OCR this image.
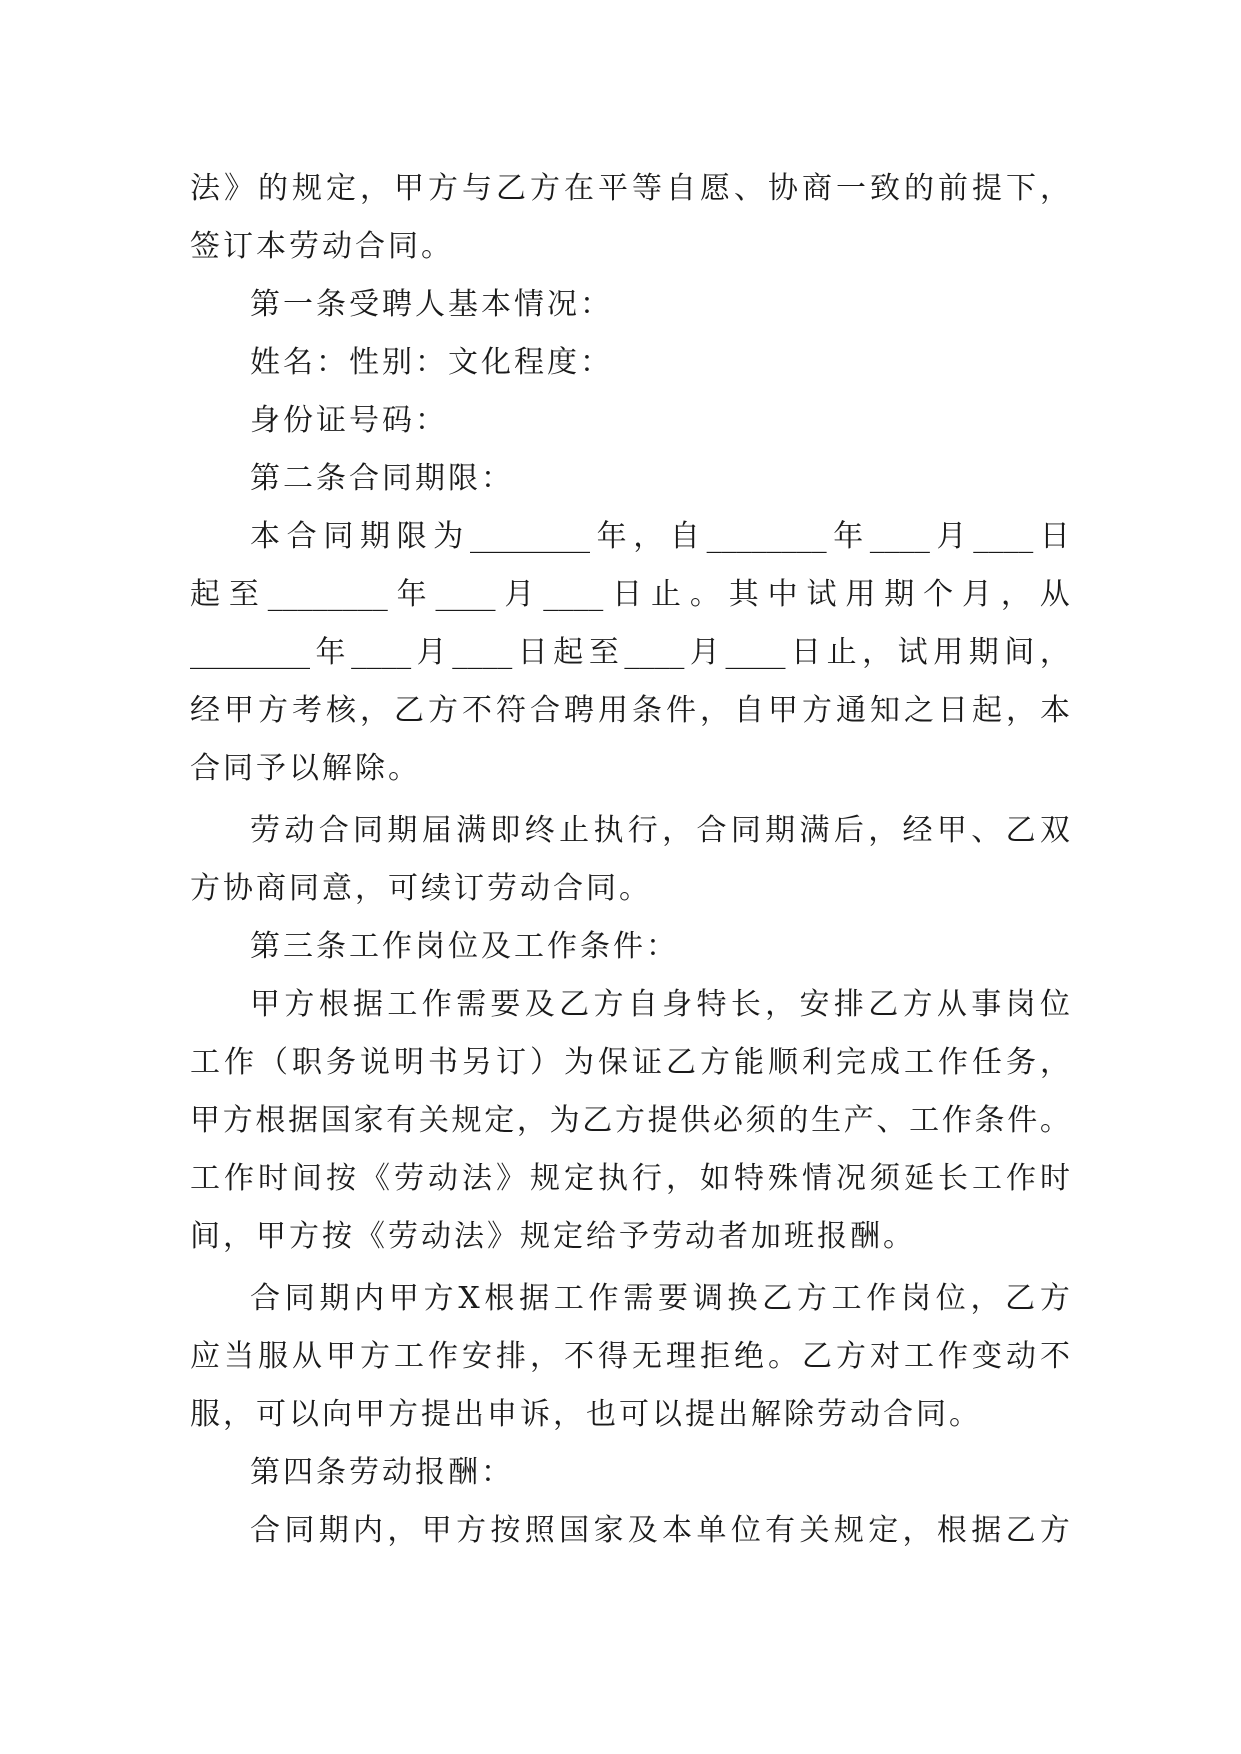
法 》 的 规 定 ， 甲 方 与 乙 方 在 平 等 自 愿 、 协 商 一 致 的 前 提 下 ，
签订本劳动合同。
第一条受聘人基本情况：
姓名：性别：文化程度：
身份证号码：
第二条合同期限：
本 合 同 期 限 为 ________ 年 ， 自 ________ 年 ____ 月 ____ 日
起 至 ________ 年 ____ 月 ____ 日 止 。 其 中 试 用 期 个 月 ， 从
________ 年 ____ 月 ____ 日 起 至 ____ 月 ____ 日 止 ， 试 用 期 间 ，
经 甲 方 考 核 ， 乙 方 不 符 合 聘 用 条 件 ， 自 甲 方 通 知 之 日 起 ， 本
合同予以解除。
劳 动 合 同 期 届 满 即 终 止 执 行 ， 合 同 期 满 后 ， 经 甲 、 乙 双
方协商同意，可续订劳动合同。
第三条工作岗位及工作条件：
甲 方 根 据 工 作 需 要 及 乙 方 自 身 特 长 ， 安 排 乙 方 从 事 岗 位
工 作 （ 职 务 说 明 书 另 订 ） 为 保 证 乙 方 能 顺 利 完 成 工 作 任 务 ，
甲 方 根 据 国 家 有 关 规 定 ， 为 乙 方 提 供 必 须 的 生 产 、 工 作 条 件 。
工 作 时 间 按 《 劳 动 法 》 规 定 执 行 ， 如 特 殊 情 况 须 延 长 工 作 时
间，甲方按《劳动法》规定给予劳动者加班报酬。
合 同 期 内 甲 方 X 根 据 工 作 需 要 调 换 乙 方 工 作 岗 位 ， 乙 方
应 当 服 从 甲 方 工 作 安 排 ， 不 得 无 理 拒 绝 。 乙 方 对 工 作 变 动 不
服，可以向甲方提出申诉，也可以提出解除劳动合同。
第四条劳动报酬：
合 同 期 内 ， 甲 方 按 照 国 家 及 本 单 位 有 关 规 定 ， 根 据 乙 方
